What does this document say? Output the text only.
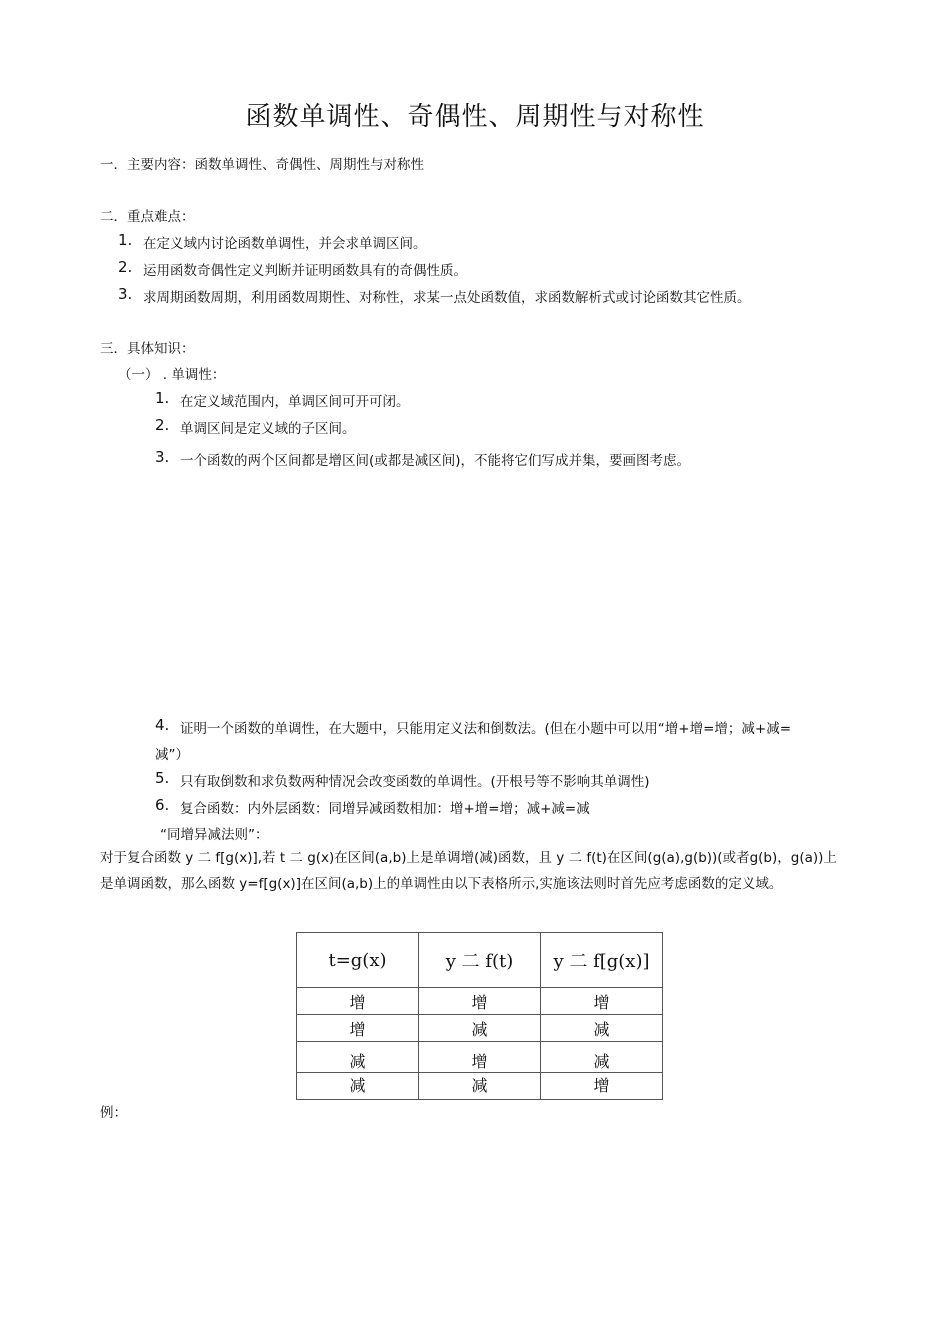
函数单调性、奇偶性、周期性与对称性
一．主要内容：函数单调性、奇偶性、周期性与对称性
二．重点难点：
1. 在定义域内讨论函数单调性，并会求单调区间。
2. 运用函数奇偶性定义判断并证明函数具有的奇偶性质。
3. 求周期函数周期，利用函数周期性、对称性，求某一点处函数值，求函数解析式或讨论函数其它性质。
三．具体知识：
（一） . 单调性：
1. 在定义域范围内，单调区间可开可闭。
2. 单调区间是定义域的子区间。
3. 一个函数的两个区间都是增区间(或都是减区间)，不能将它们写成并集，要画图考虑。
4. 证明一个函数的单调性，在大题中，只能用定义法和倒数法。(但在小题中可以用“增+增=增；减+减=
减”）
5. 只有取倒数和求负数两种情况会改变函数的单调性。(开根号等不影响其单调性)
6. 复合函数：内外层函数：同增异减函数相加：增+增=增；减+减=减
“同增异减法则”：
对于复合函数 y 二 f[g(x)],若 t 二 g(x)在区间(a,b)上是单调增(减)函数，且 y 二 f(t)在区间(g(a),g(b))(或者g(b)，g(a))上是单调函数，那么函数 y=f[g(x)]在区间(a,b)上的单调性由以下表格所示,实施该法则时首先应考虑函数的定义域。
t=g(x)	y 二 f(t)	y 二 f[g(x)]
增	增	增
增	减	减
减	增	减
减	减	增
例：
